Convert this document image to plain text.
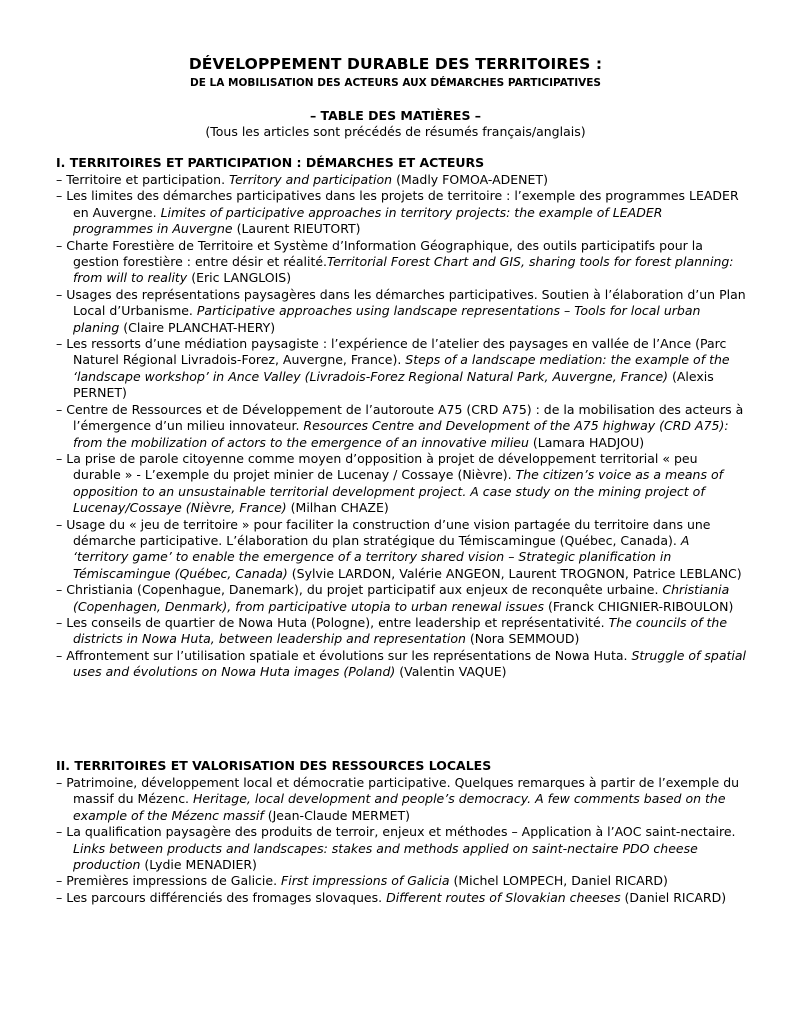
DÉVELOPPEMENT DURABLE DES TERRITOIRES :
DE LA MOBILISATION DES ACTEURS AUX DÉMARCHES PARTICIPATIVES
– TABLE DES MATIÈRES –
(Tous les articles sont précédés de résumés français/anglais)
I. TERRITOIRES ET PARTICIPATION : DÉMARCHES ET ACTEURS

– Territoire et participation. Territory and participation (Madly FOMOA-ADENET)

– Les limites des démarches participatives dans les projets de territoire : l’exemple des programmes LEADER en Auvergne. Limites of participative approaches in territory projects: the example of LEADER programmes in Auvergne (Laurent RIEUTORT)

– Charte Forestière de Territoire et Système d’Information Géographique, des outils participatifs pour la gestion forestière : entre désir et réalité.Territorial Forest Chart and GIS, sharing tools for forest planning: from will to reality (Eric LANGLOIS)

– Usages des représentations paysagères dans les démarches participatives. Soutien à l’élaboration d’un Plan Local d’Urbanisme. Participative approaches using landscape representations – Tools for local urban planing (Claire PLANCHAT-HERY)

– Les ressorts d’une médiation paysagiste : l’expérience de l’atelier des paysages en vallée de l’Ance (Parc Naturel Régional Livradois-Forez, Auvergne, France). Steps of a landscape mediation: the example of the ‘landscape workshop’ in Ance Valley (Livradois-Forez Regional Natural Park, Auvergne, France) (Alexis PERNET)

– Centre de Ressources et de Développement de l’autoroute A75 (CRD A75) : de la mobilisation des acteurs à l’émergence d’un milieu innovateur. Resources Centre and Development of the A75 highway (CRD A75): from the mobilization of actors to the emergence of an innovative milieu (Lamara HADJOU)

– La prise de parole citoyenne comme moyen d’opposition à projet de développement territorial « peu durable » - L’exemple du projet minier de Lucenay / Cossaye (Nièvre). The citizen’s voice as a means of opposition to an unsustainable territorial development project. A case study on the mining project of Lucenay/Cossaye (Nièvre, France) (Milhan CHAZE)

– Usage du « jeu de territoire » pour faciliter la construction d’une vision partagée du territoire dans une démarche participative. L’élaboration du plan stratégique du Témiscamingue (Québec, Canada). A ‘territory game’ to enable the emergence of a territory shared vision – Strategic planification in Témiscamingue (Québec, Canada) (Sylvie LARDON, Valérie ANGEON, Laurent TROGNON, Patrice LEBLANC)

– Christiania (Copenhague, Danemark), du projet participatif aux enjeux de reconquête urbaine. Christiania (Copenhagen, Denmark), from participative utopia to urban renewal issues (Franck CHIGNIER-RIBOULON)

– Les conseils de quartier de Nowa Huta (Pologne), entre leadership et représentativité. The councils of the districts in Nowa Huta, between leadership and representation (Nora SEMMOUD)

– Affrontement sur l’utilisation spatiale et évolutions sur les représentations de Nowa Huta. Struggle of spatial uses and évolutions on Nowa Huta images (Poland) (Valentin VAQUE)

II. TERRITOIRES ET VALORISATION DES RESSOURCES LOCALES

– Patrimoine, développement local et démocratie participative. Quelques remarques à partir de l’exemple du massif du Mézenc. Heritage, local development and people’s democracy. A few comments based on the example of the Mézenc massif (Jean-Claude MERMET)

– La qualification paysagère des produits de terroir, enjeux et méthodes – Application à l’AOC saint-nectaire. Links between products and landscapes: stakes and methods applied on saint-nectaire PDO cheese production (Lydie MENADIER)

– Premières impressions de Galicie. First impressions of Galicia (Michel LOMPECH, Daniel RICARD)

– Les parcours différenciés des fromages slovaques. Different routes of Slovakian cheeses (Daniel RICARD)
